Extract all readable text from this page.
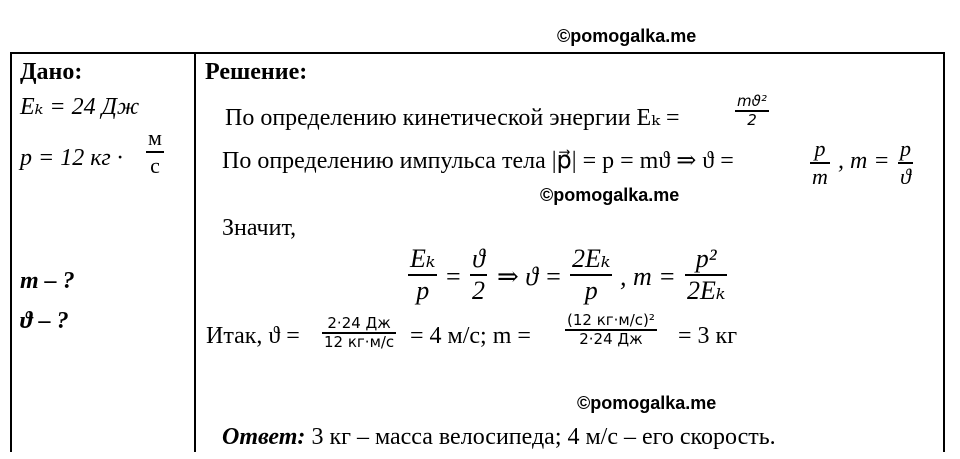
©pomogalka.me
©pomogalka.me
©pomogalka.me
Дано:
Eₖ = 24 Дж
p = 12 кг ·
м
с
m – ?
ϑ – ?
Решение:
По определению кинетической энергии Eₖ =
mϑ²
2
По определению импульса тела |p⃗| = p = mϑ ⇒ ϑ =	p
m
, m = p
ϑ
Значит,
Eₖ
p =
ϑ
2 ⇒ ϑ =
2Eₖ
p , m =
p²
2Eₖ
Итак, ϑ = 2·24 Дж
12 кг·м/с = 4 м/с; m =
(12 кг·м/с)²
2·24 Дж = 3 кг
Ответ: 3 кг – масса велосипеда; 4 м/с – его скорость.
